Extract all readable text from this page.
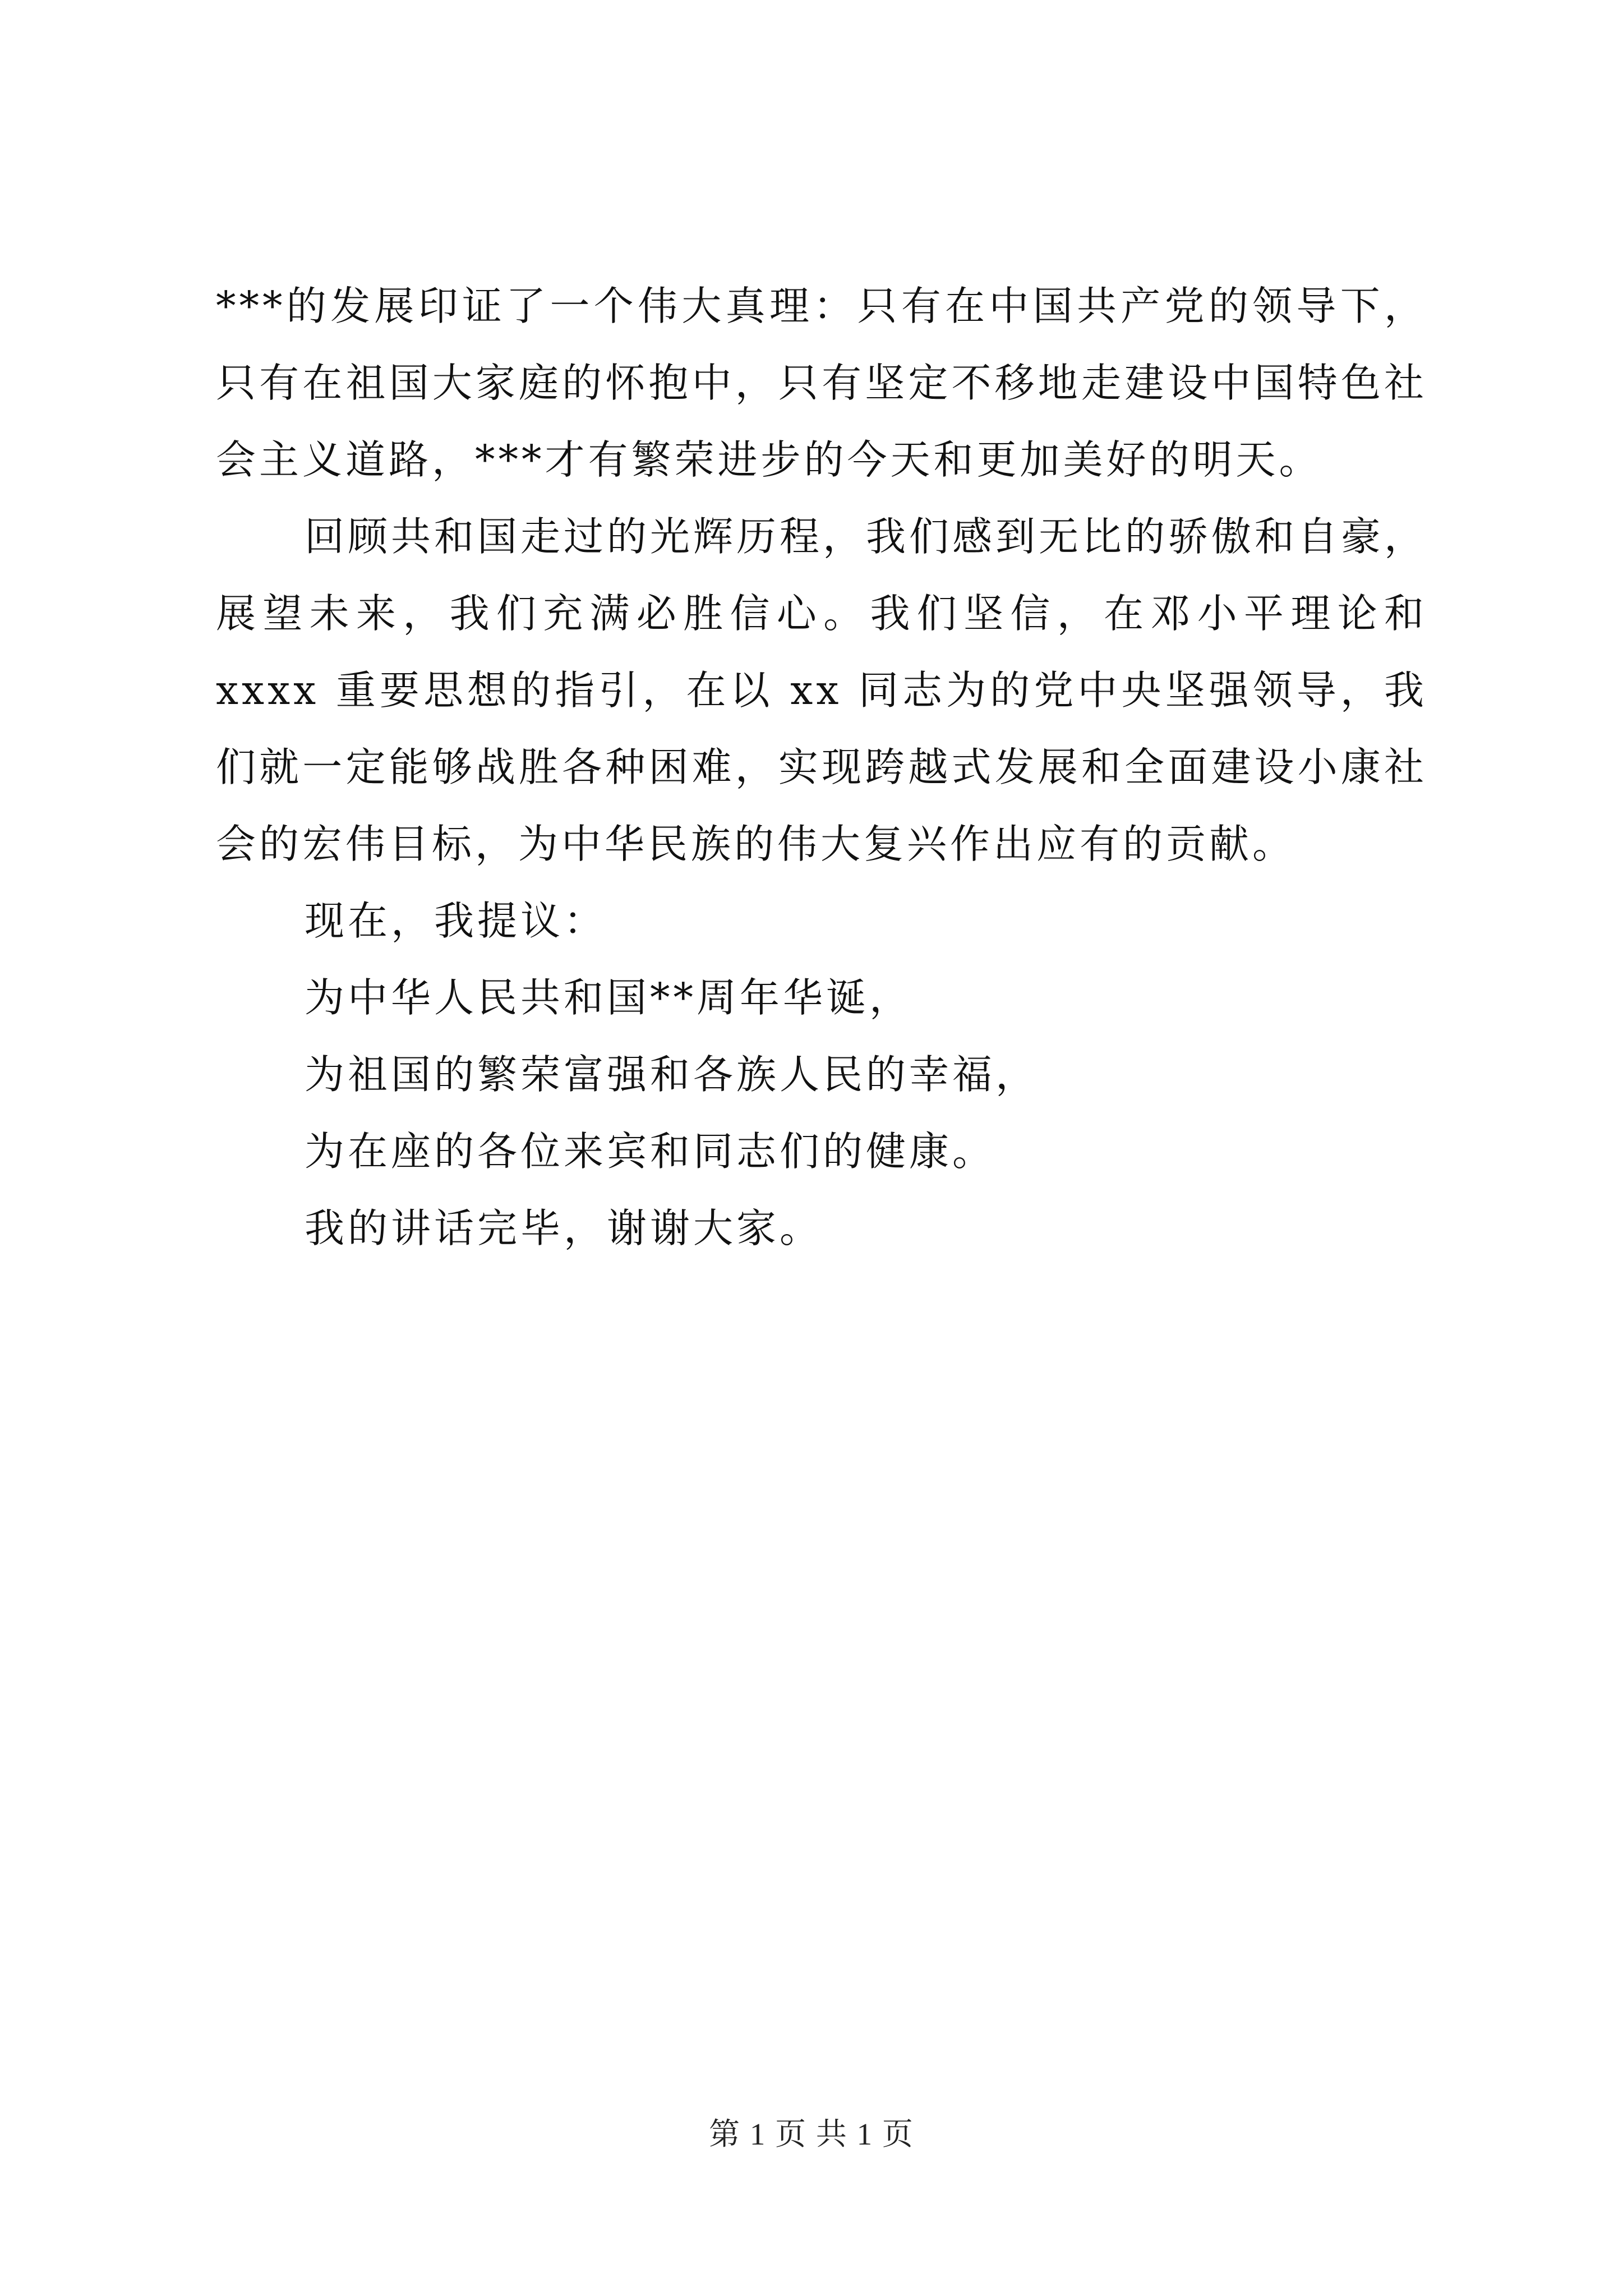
***的发展印证了一个伟大真理：只有在中国共产党的领导下，只有在祖国大家庭的怀抱中，只有坚定不移地走建设中国特色社会主义道路，***才有繁荣进步的今天和更加美好的明天。

回顾共和国走过的光辉历程，我们感到无比的骄傲和自豪，展望未来，我们充满必胜信心。我们坚信，在邓小平理论和 xxxx 重要思想的指引，在以 xx 同志为的党中央坚强领导，我们就一定能够战胜各种困难，实现跨越式发展和全面建设小康社会的宏伟目标，为中华民族的伟大复兴作出应有的贡献。

现在，我提议：

为中华人民共和国**周年华诞，

为祖国的繁荣富强和各族人民的幸福，

为在座的各位来宾和同志们的健康。

我的讲话完毕，谢谢大家。

第 1 页 共 1 页
